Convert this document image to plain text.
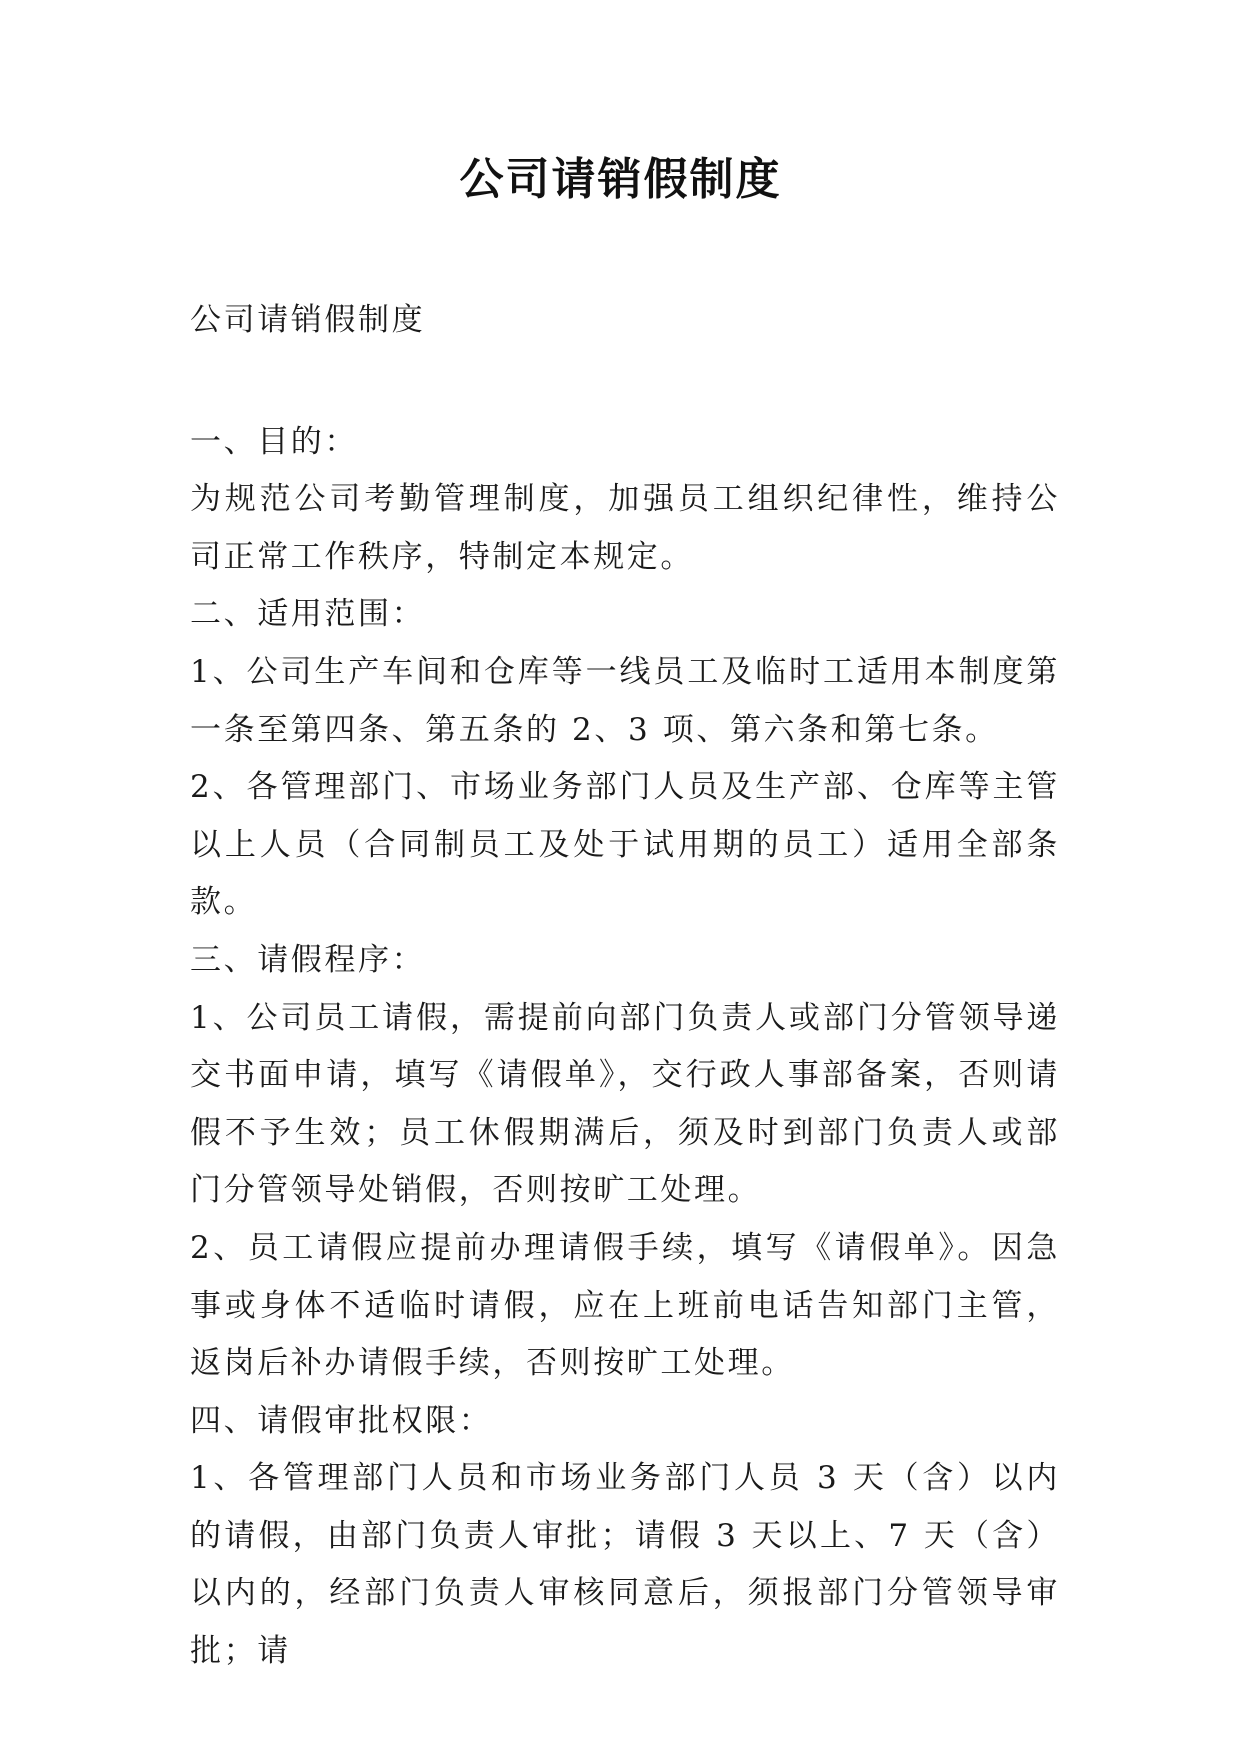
公司请销假制度

公司请销假制度

一、目的：

为规范公司考勤管理制度，加强员工组织纪律性，维持公司正常工作秩序，特制定本规定。

二、适用范围：

1、公司生产车间和仓库等一线员工及临时工适用本制度第一条至第四条、第五条的 2、3 项、第六条和第七条。

2、各管理部门、市场业务部门人员及生产部、仓库等主管以上人员（合同制员工及处于试用期的员工）适用全部条款。

三、请假程序：

1、公司员工请假，需提前向部门负责人或部门分管领导递交书面申请，填写《请假单》，交行政人事部备案，否则请假不予生效；员工休假期满后，须及时到部门负责人或部门分管领导处销假，否则按旷工处理。

2、员工请假应提前办理请假手续，填写《请假单》。因急事或身体不适临时请假，应在上班前电话告知部门主管，返岗后补办请假手续，否则按旷工处理。

四、请假审批权限：

1、各管理部门人员和市场业务部门人员 3 天（含）以内的请假，由部门负责人审批；请假 3 天以上、7 天（含）以内的，经部门负责人审核同意后，须报部门分管领导审批；请
